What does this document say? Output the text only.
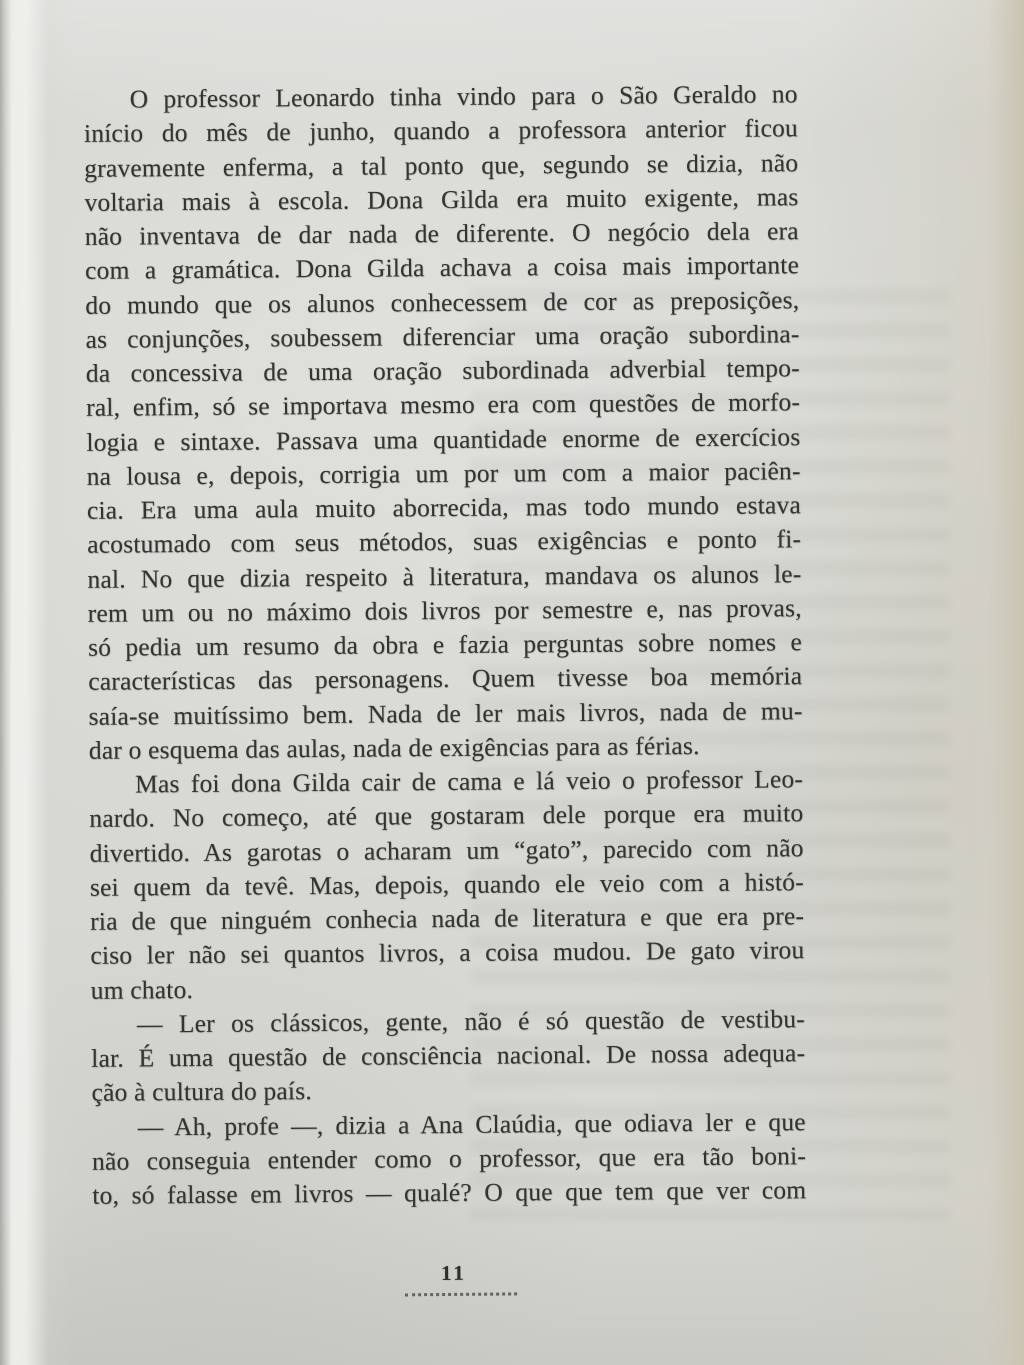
O professor Leonardo tinha vindo para o São Geraldo no
início do mês de junho, quando a professora anterior ficou
gravemente enferma, a tal ponto que, segundo se dizia, não
voltaria mais à escola. Dona Gilda era muito exigente, mas
não inventava de dar nada de diferente. O negócio dela era
com a gramática. Dona Gilda achava a coisa mais importante
do mundo que os alunos conhecessem de cor as preposições,
as conjunções, soubessem diferenciar uma oração subordina-
da concessiva de uma oração subordinada adverbial tempo-
ral, enfim, só se importava mesmo era com questões de morfo-
logia e sintaxe. Passava uma quantidade enorme de exercícios
na lousa e, depois, corrigia um por um com a maior paciên-
cia. Era uma aula muito aborrecida, mas todo mundo estava
acostumado com seus métodos, suas exigências e ponto fi-
nal. No que dizia respeito à literatura, mandava os alunos le-
rem um ou no máximo dois livros por semestre e, nas provas,
só pedia um resumo da obra e fazia perguntas sobre nomes e
características das personagens. Quem tivesse boa memória
saía-se muitíssimo bem. Nada de ler mais livros, nada de mu-
dar o esquema das aulas, nada de exigências para as férias.
Mas foi dona Gilda cair de cama e lá veio o professor Leo-
nardo. No começo, até que gostaram dele porque era muito
divertido. As garotas o acharam um “gato”, parecido com não
sei quem da tevê. Mas, depois, quando ele veio com a histó-
ria de que ninguém conhecia nada de literatura e que era pre-
ciso ler não sei quantos livros, a coisa mudou. De gato virou
um chato.
— Ler os clássicos, gente, não é só questão de vestibu-
lar. É uma questão de consciência nacional. De nossa adequa-
ção à cultura do país.
— Ah, profe —, dizia a Ana Claúdia, que odiava ler e que
não conseguia entender como o professor, que era tão boni-
to, só falasse em livros — qualé? O que que tem que ver com
11
